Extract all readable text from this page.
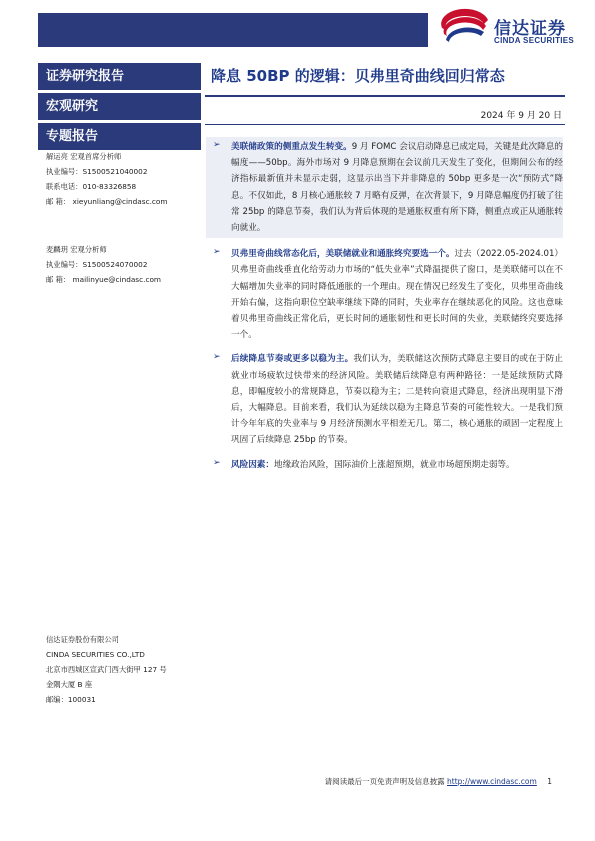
信达证券
CINDA SECURITIES
证券研究报告
宏观研究
专题报告
降息 50BP 的逻辑：贝弗里奇曲线回归常态
2024 年 9 月 20 日
解运亮 宏观首席分析师
执业编号：S1500521040002
联系电话：010-83326858
邮 箱： xieyunliang@cindasc.com
麦麟玥 宏观分析师
执业编号：S1500524070002
邮 箱： mailinyue@cindasc.com
➢ 美联储政策的侧重点发生转变。9 月 FOMC 会议启动降息已成定局，关键是此次降息的幅度——50bp。海外市场对 9 月降息预期在会议前几天发生了变化，但期间公布的经济指标最新值并未显示走弱，这显示出当下并非降息的 50bp 更多是一次“预防式”降息。不仅如此，8 月核心通胀较 7 月略有反弹，在次背景下，9 月降息幅度仍打破了往常 25bp 的降息节奏，我们认为背后体现的是通胀权重有所下降，侧重点或正从通胀转向就业。

➢ 贝弗里奇曲线常态化后，美联储就业和通胀终究要选一个。过去（2022.05-2024.01）贝弗里奇曲线垂直化给劳动力市场的“低失业率”式降温提供了窗口，是美联储可以在不大幅增加失业率的同时降低通胀的一个理由。现在情况已经发生了变化，贝弗里奇曲线开始右偏，这指向职位空缺率继续下降的同时，失业率存在继续恶化的风险。这也意味着贝弗里奇曲线正常化后，更长时间的通胀韧性和更长时间的失业，美联储终究要选择一个。

➢ 后续降息节奏或更多以稳为主。我们认为，美联储这次预防式降息主要目的或在于防止就业市场疲软过快带来的经济风险。美联储后续降息有两种路径：一是延续预防式降息，即幅度较小的常规降息，节奏以稳为主；二是转向衰退式降息，经济出现明显下滑后，大幅降息。目前来看，我们认为延续以稳为主降息节奏的可能性较大。一是我们预计今年年底的失业率与 9 月经济预测水平相差无几。第二，核心通胀的顽固一定程度上巩固了后续降息 25bp 的节奏。

➢ 风险因素：地缘政治风险，国际油价上涨超预期，就业市场超预期走弱等。

信达证券股份有限公司
CINDA SECURITIES CO.,LTD
北京市西城区宣武门西大街甲 127 号
金隅大厦 B 座
邮编：100031
请阅读最后一页免责声明及信息披露 http://www.cindasc.com 1
